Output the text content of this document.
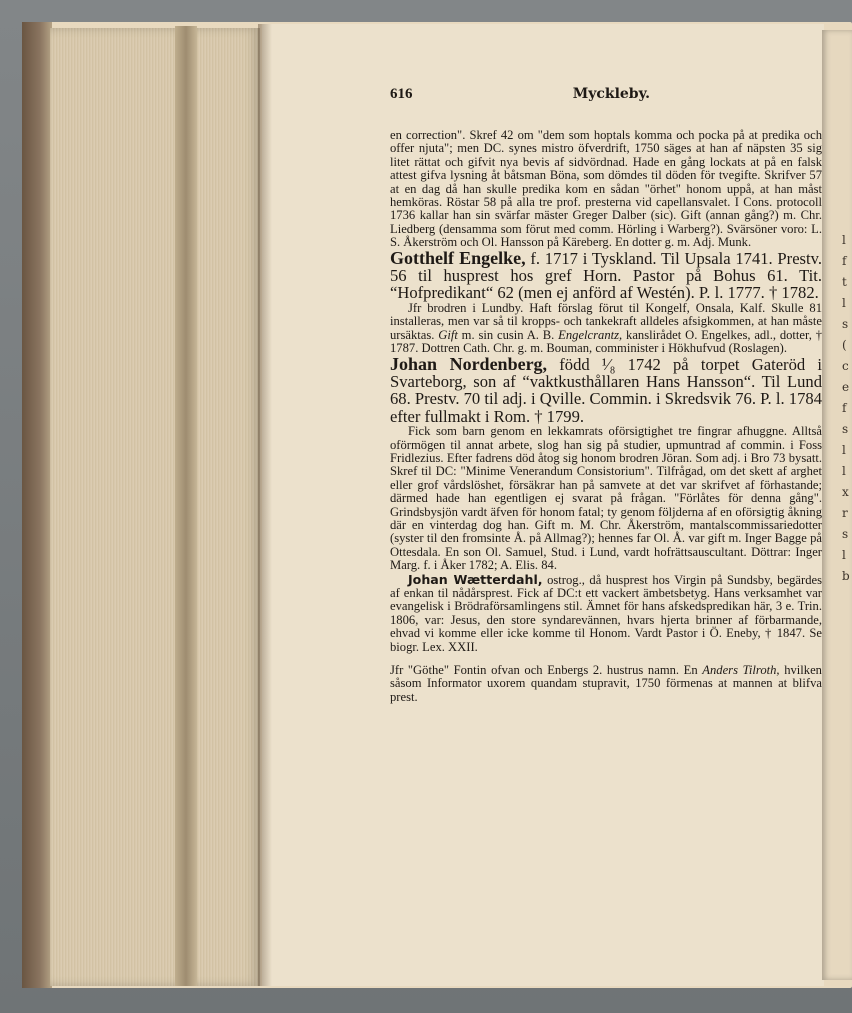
l
f
t
l
s
(
c
e
f
s
l
l
x
r
s
l
b
616	Myckleby.

en correction". Skref 42 om "dem som hoptals komma och pocka på at predika och offer njuta"; men DC. synes mistro öfverdrift, 1750 säges at han af näpsten 35 sig litet rättat och gifvit nya bevis af sidvördnad. Hade en gång lockats at på en falsk attest gifva lysning åt båtsman Böna, som dömdes til döden för tvegifte. Skrifver 57 at en dag då han skulle predika kom en sådan "örhet" honom uppå, at han måst hemköras. Röstar 58 på alla tre prof. presterna vid capellansvalet. I Cons. protocoll 1736 kallar han sin svärfar mäster Greger Dalber (sic). Gift (annan gång?) m. Chr. Liedberg (densamma som förut med comm. Hörling i Warberg?). Svärsöner voro: L. S. Åkerström och Ol. Hansson på Käreberg. En dotter g. m. Adj. Munk.

Gotthelf Engelke, f. 1717 i Tyskland. Til Upsala 1741. Prestv. 56 til husprest hos gref Horn. Pastor på Bohus 61. Tit. “Hofpredikant“ 62 (men ej anförd af Westén). P. l. 1777. † 1782.

Jfr brodren i Lundby. Haft förslag förut til Kongelf, Onsala, Kalf. Skulle 81 installeras, men var så til kropps- och tankekraft alldeles afsigkommen, at han måste ursäktas. Gift m. sin cusin A. B. Engelcrantz, kanslirådet O. Engelkes, adl., dotter, † 1787. Dottren Cath. Chr. g. m. Bouman, comminister i Hökhufvud (Roslagen).

Johan Nordenberg, född ¹⁄₈ 1742 på torpet Gateröd i Svarteborg, son af “vaktkusthållaren Hans Hansson“. Til Lund 68. Prestv. 70 til adj. i Qville. Commin. i Skredsvik 76. P. l. 1784 efter fullmakt i Rom. † 1799.

Fick som barn genom en lekkamrats oförsigtighet tre fingrar afhuggne. Alltså oförmögen til annat arbete, slog han sig på studier, upmuntrad af commin. i Foss Fridlezius. Efter fadrens död åtog sig honom brodren Jöran. Som adj. i Bro 73 bysatt. Skref til DC: "Minime Venerandum Consistorium". Tilfrågad, om det skett af arghet eller grof vårdslöshet, försäkrar han på samvete at det var skrifvet af förhastande; därmed hade han egentligen ej svarat på frågan. "Förlåtes för denna gång". Grindsbysjön vardt äfven för honom fatal; ty genom följderna af en oförsigtig åkning där en vinterdag dog han. Gift m. M. Chr. Åkerström, mantalscommissariedotter (syster til den fromsinte Å. på Allmag?); hennes far Ol. Å. var gift m. Inger Bagge på Ottesdala. En son Ol. Samuel, Stud. i Lund, vardt hofrättsauscultant. Döttrar: Inger Marg. f. i Åker 1782; A. Elis. 84.

Johan Wætterdahl, ostrog., då husprest hos Virgin på Sundsby, begärdes af enkan til nådårsprest. Fick af DC:t ett vackert ämbetsbetyg. Hans verksamhet var evangelisk i Brödraförsamlingens stil. Ämnet för hans afskedspredikan här, 3 e. Trin. 1806, var: Jesus, den store syndarevännen, hvars hjerta brinner af förbarmande, ehvad vi komme eller icke komme til Honom. Vardt Pastor i Ö. Eneby, † 1847. Se biogr. Lex. XXII.

Jfr "Göthe" Fontin ofvan och Enbergs 2. hustrus namn. En Anders Tilroth, hvilken såsom Informator uxorem quandam stupravit, 1750 förmenas at mannen at blifva prest.
